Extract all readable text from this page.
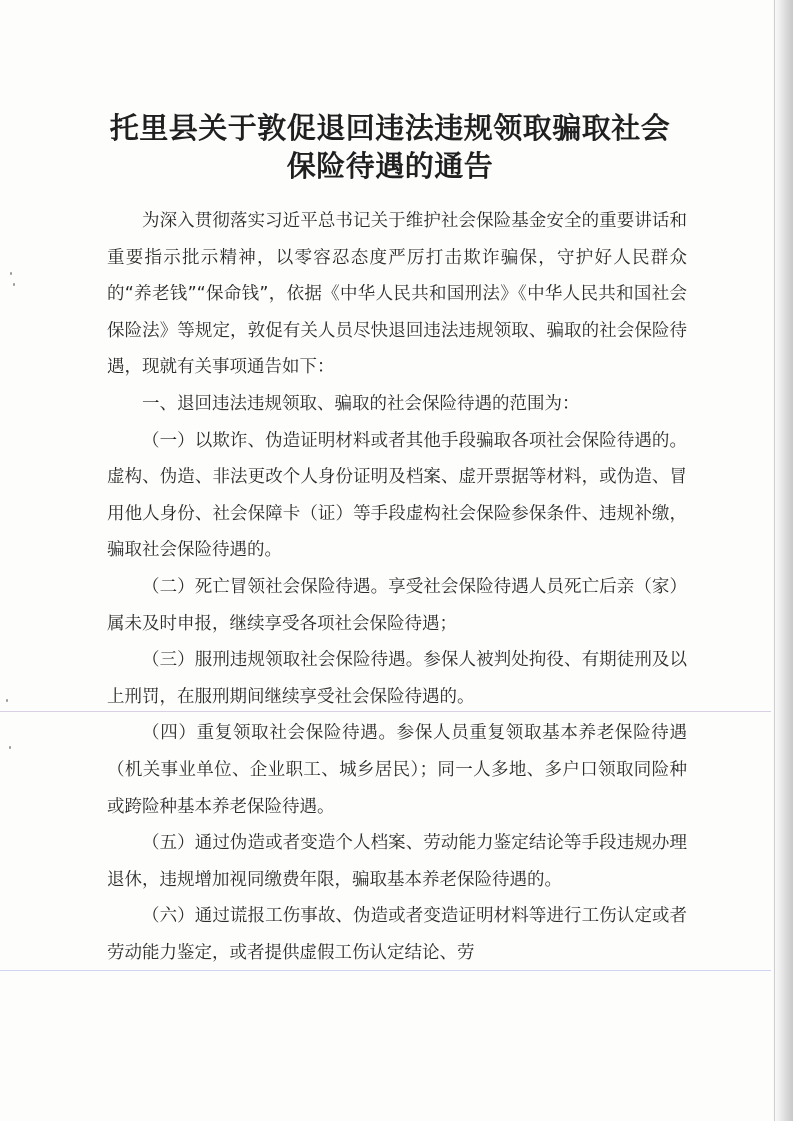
托里县关于敦促退回违法违规领取骗取社会
保险待遇的通告

为深入贯彻落实习近平总书记关于维护社会保险基金安全的重要讲话和重要指示批示精神，以零容忍态度严厉打击欺诈骗保，守护好人民群众的“养老钱”“保命钱”，依据《中华人民共和国刑法》《中华人民共和国社会保险法》等规定，敦促有关人员尽快退回违法违规领取、骗取的社会保险待遇，现就有关事项通告如下：

一、退回违法违规领取、骗取的社会保险待遇的范围为：

（一）以欺诈、伪造证明材料或者其他手段骗取各项社会保险待遇的。虚构、伪造、非法更改个人身份证明及档案、虚开票据等材料，或伪造、冒用他人身份、社会保障卡（证）等手段虚构社会保险参保条件、违规补缴，骗取社会保险待遇的。

（二）死亡冒领社会保险待遇。享受社会保险待遇人员死亡后亲（家）属未及时申报，继续享受各项社会保险待遇；

（三）服刑违规领取社会保险待遇。参保人被判处拘役、有期徒刑及以上刑罚，在服刑期间继续享受社会保险待遇的。

（四）重复领取社会保险待遇。参保人员重复领取基本养老保险待遇（机关事业单位、企业职工、城乡居民）；同一人多地、多户口领取同险种或跨险种基本养老保险待遇。

（五）通过伪造或者变造个人档案、劳动能力鉴定结论等手段违规办理退休，违规增加视同缴费年限，骗取基本养老保险待遇的。

（六）通过谎报工伤事故、伪造或者变造证明材料等进行工伤认定或者劳动能力鉴定，或者提供虚假工伤认定结论、劳
